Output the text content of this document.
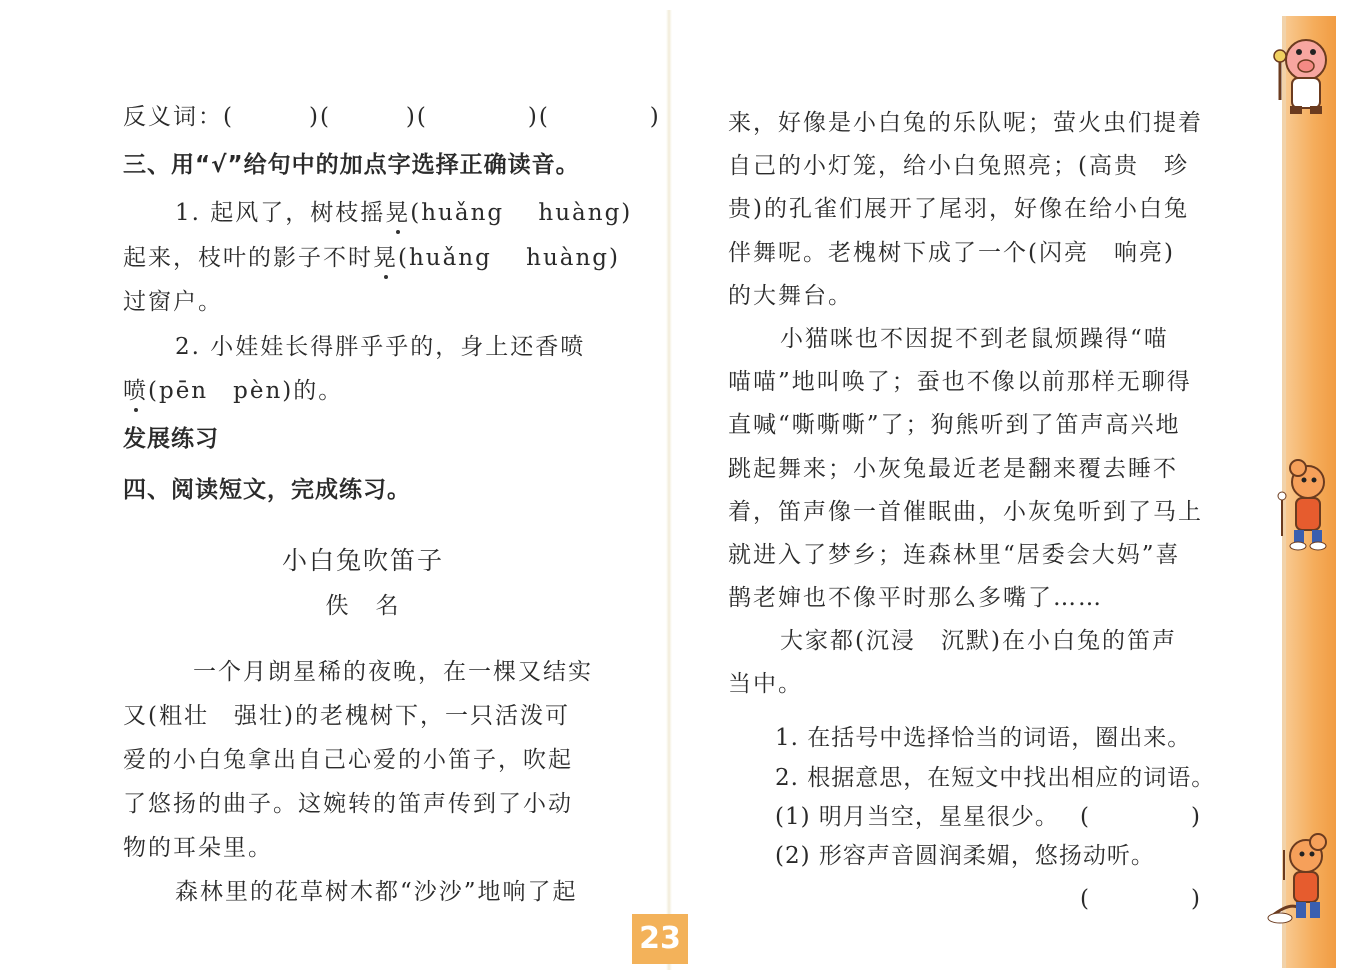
反义词：(　　　)(　　　)(　　　　)(　　　　)
三、用“√”给句中的加点字选择正确读音。
1. 起风了，树枝摇晃(huǎng　 huàng)
起来，枝叶的影子不时晃(huǎng　 huàng)
过窗户。
2. 小娃娃长得胖乎乎的，身上还香喷
喷(pēn　pèn)的。
发展练习
四、阅读短文，完成练习。
小白兔吹笛子
佚　名
　一个月朗星稀的夜晚，在一棵又结实
又(粗壮　强壮)的老槐树下，一只活泼可
爱的小白兔拿出自己心爱的小笛子，吹起
了悠扬的曲子。这婉转的笛声传到了小动
物的耳朵里。
森林里的花草树木都“沙沙”地响了起
来，好像是小白兔的乐队呢；萤火虫们提着
自己的小灯笼，给小白兔照亮；(高贵　珍
贵)的孔雀们展开了尾羽，好像在给小白兔
伴舞呢。老槐树下成了一个(闪亮　响亮)
的大舞台。
小猫咪也不因捉不到老鼠烦躁得“喵
喵喵”地叫唤了；蚕也不像以前那样无聊得
直喊“嘶嘶嘶”了；狗熊听到了笛声高兴地
跳起舞来；小灰兔最近老是翻来覆去睡不
着，笛声像一首催眠曲，小灰兔听到了马上
就进入了梦乡；连森林里“居委会大妈”喜
鹊老婶也不像平时那么多嘴了……
大家都(沉浸　沉默)在小白兔的笛声
当中。
1. 在括号中选择恰当的词语，圈出来。
2. 根据意思，在短文中找出相应的词语。
(1) 明月当空，星星很少。 (　　　　)
(2) 形容声音圆润柔媚，悠扬动听。
(　　　　)
23
